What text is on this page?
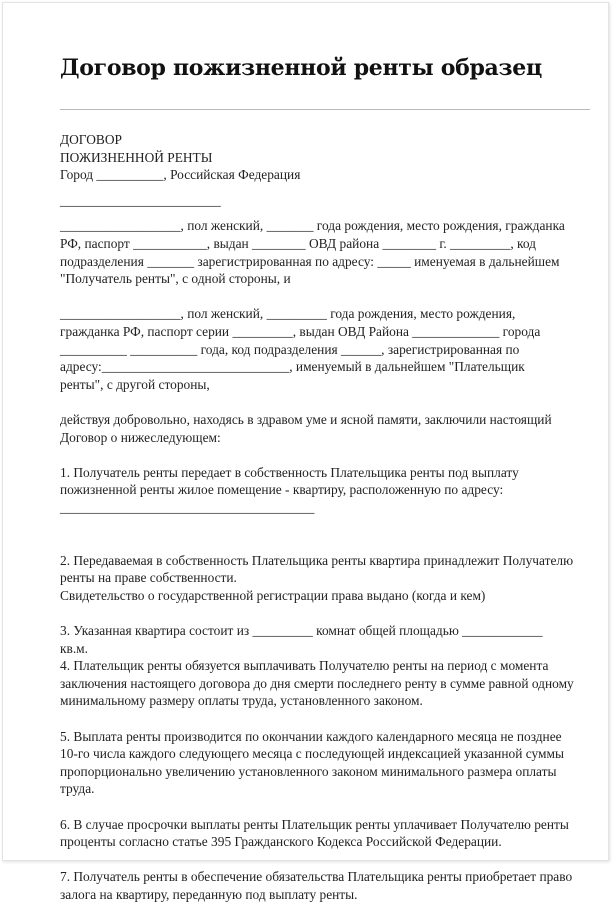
Договор пожизненной ренты образец
ДОГОВОР
ПОЖИЗНЕННОЙ РЕНТЫ
Город __________, Российская Федерация
________________________
__________________, пол женский, _______ года рождения, место рождения, гражданка
РФ, паспорт ___________, выдан ________ ОВД района ________ г. _________, код
подразделения _______ зарегистрированная по адресу: _____ именуемая в дальнейшем
"Получатель ренты", с одной стороны, и
__________________, пол женский, _________ года рождения, место рождения,
гражданка РФ, паспорт серии _________, выдан ОВД Района _____________ города
__________ __________ года, код подразделения ______, зарегистрированная по
адресу:____________________________, именуемый в дальнейшем "Плательщик
ренты", с другой стороны,
действуя добровольно, находясь в здравом уме и ясной памяти, заключили настоящий
Договор о нижеследующем:
1. Получатель ренты передает в собственность Плательщика ренты под выплату
пожизненной ренты жилое помещение - квартиру, расположенную по адресу:
______________________________________
2. Передаваемая в собственность Плательщика ренты квартира принадлежит Получателю
ренты на праве собственности.
Свидетельство о государственной регистрации права выдано (когда и кем)
3. Указанная квартира состоит из _________ комнат общей площадью ____________
кв.м.
4. Плательщик ренты обязуется выплачивать Получателю ренты на период с момента
заключения настоящего договора до дня смерти последнего ренту в сумме равной одному
минимальному размеру оплаты труда, установленного законом.
5. Выплата ренты производится по окончании каждого календарного месяца не позднее
10-го числа каждого следующего месяца с последующей индексацией указанной суммы
пропорционально увеличению установленного законом минимального размера оплаты
труда.
6. В случае просрочки выплаты ренты Плательщик ренты уплачивает Получателю ренты
проценты согласно статье 395 Гражданского Кодекса Российской Федерации.
7. Получатель ренты в обеспечение обязательства Плательщика ренты приобретает право
залога на квартиру, переданную под выплату ренты.
